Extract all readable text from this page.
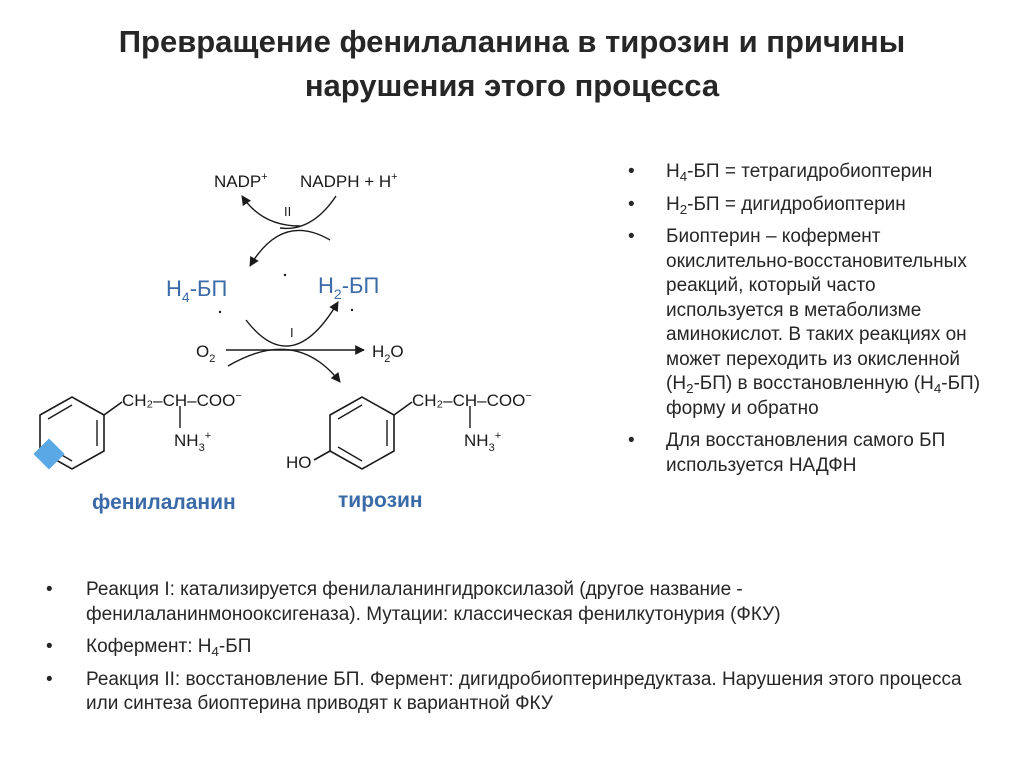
Превращение фенилаланина в тирозин и причины
нарушения этого процесса
NADP+ NADPH + H+
II
$H_4-БП$	$H_2-БП$
I
$O_2$	$H_2O$
CH₂–CH–COO−
$NH_3^+$
HO
CH₂–CH–COO−
$NH_3^+$
фенилаланин	тирозин
• $H_4-БП$ = тетрагидробиоптерин
• $H_2-БП$ = дигидробиоптерин
• Биоптерин – кофермент окислительно-восстановительных реакций, который часто используется в метаболизме аминокислот. В таких реакциях он может переходить из окисленной $(H_2-БП)$ в восстановленную $(H_4-БП)$ форму и обратно
• Для восстановления самого БП используется НАДФН
• Реакция I: катализируется фенилаланингидроксилазой (другое название - фенилаланинмонооксигеназа). Мутации: классическая фенилкутонурия (ФКУ)
• Кофермент: $H_4-БП$
• Реакция II: восстановление БП. Фермент: дигидробиоптеринредуктаза. Нарушения этого процесса или синтеза биоптерина приводят к вариантной ФКУ
